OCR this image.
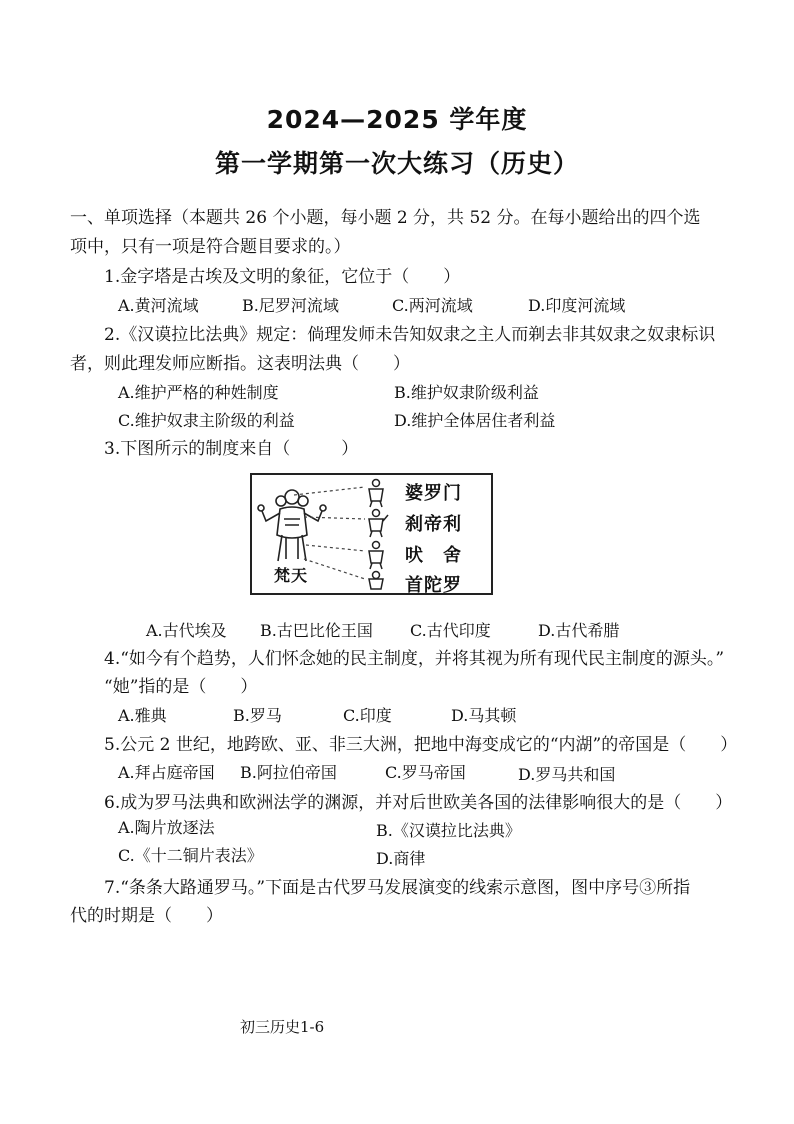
2024—2025 学年度
第一学期第一次大练习（历史）
一、单项选择（本题共 26 个小题，每小题 2 分，共 52 分。在每小题给出的四个选
项中，只有一项是符合题目要求的。）
1.金字塔是古埃及文明的象征，它位于（　　）
A.黄河流域	B.尼罗河流域	C.两河流域	D.印度河流域
2.《汉谟拉比法典》规定：倘理发师未告知奴隶之主人而剃去非其奴隶之奴隶标识
者，则此理发师应断指。这表明法典（　　）
A.维护严格的种姓制度	B.维护奴隶阶级利益
C.维护奴隶主阶级的利益	D.维护全体居住者利益
3.下图所示的制度来自（　　　）
梵天
婆罗门
刹帝利
吠　舍
首陀罗
A.古代埃及 B.古巴比伦王国 C.古代印度	D.古代希腊
4.“如今有个趋势，人们怀念她的民主制度，并将其视为所有现代民主制度的源头。”
“她”指的是（　　）
A.雅典	B.罗马	C.印度	D.马其顿
5.公元 2 世纪，地跨欧、亚、非三大洲，把地中海变成它的“内湖”的帝国是（　　）
A.拜占庭帝国 B.阿拉伯帝国	C.罗马帝国	D.罗马共和国
6.成为罗马法典和欧洲法学的渊源，并对后世欧美各国的法律影响很大的是（　　）
A.陶片放逐法	B.《汉谟拉比法典》
C.《十二铜片表法》	D.商律
7.“条条大路通罗马。”下面是古代罗马发展演变的线索示意图，图中序号③所指
代的时期是（　　）
初三历史1-6
